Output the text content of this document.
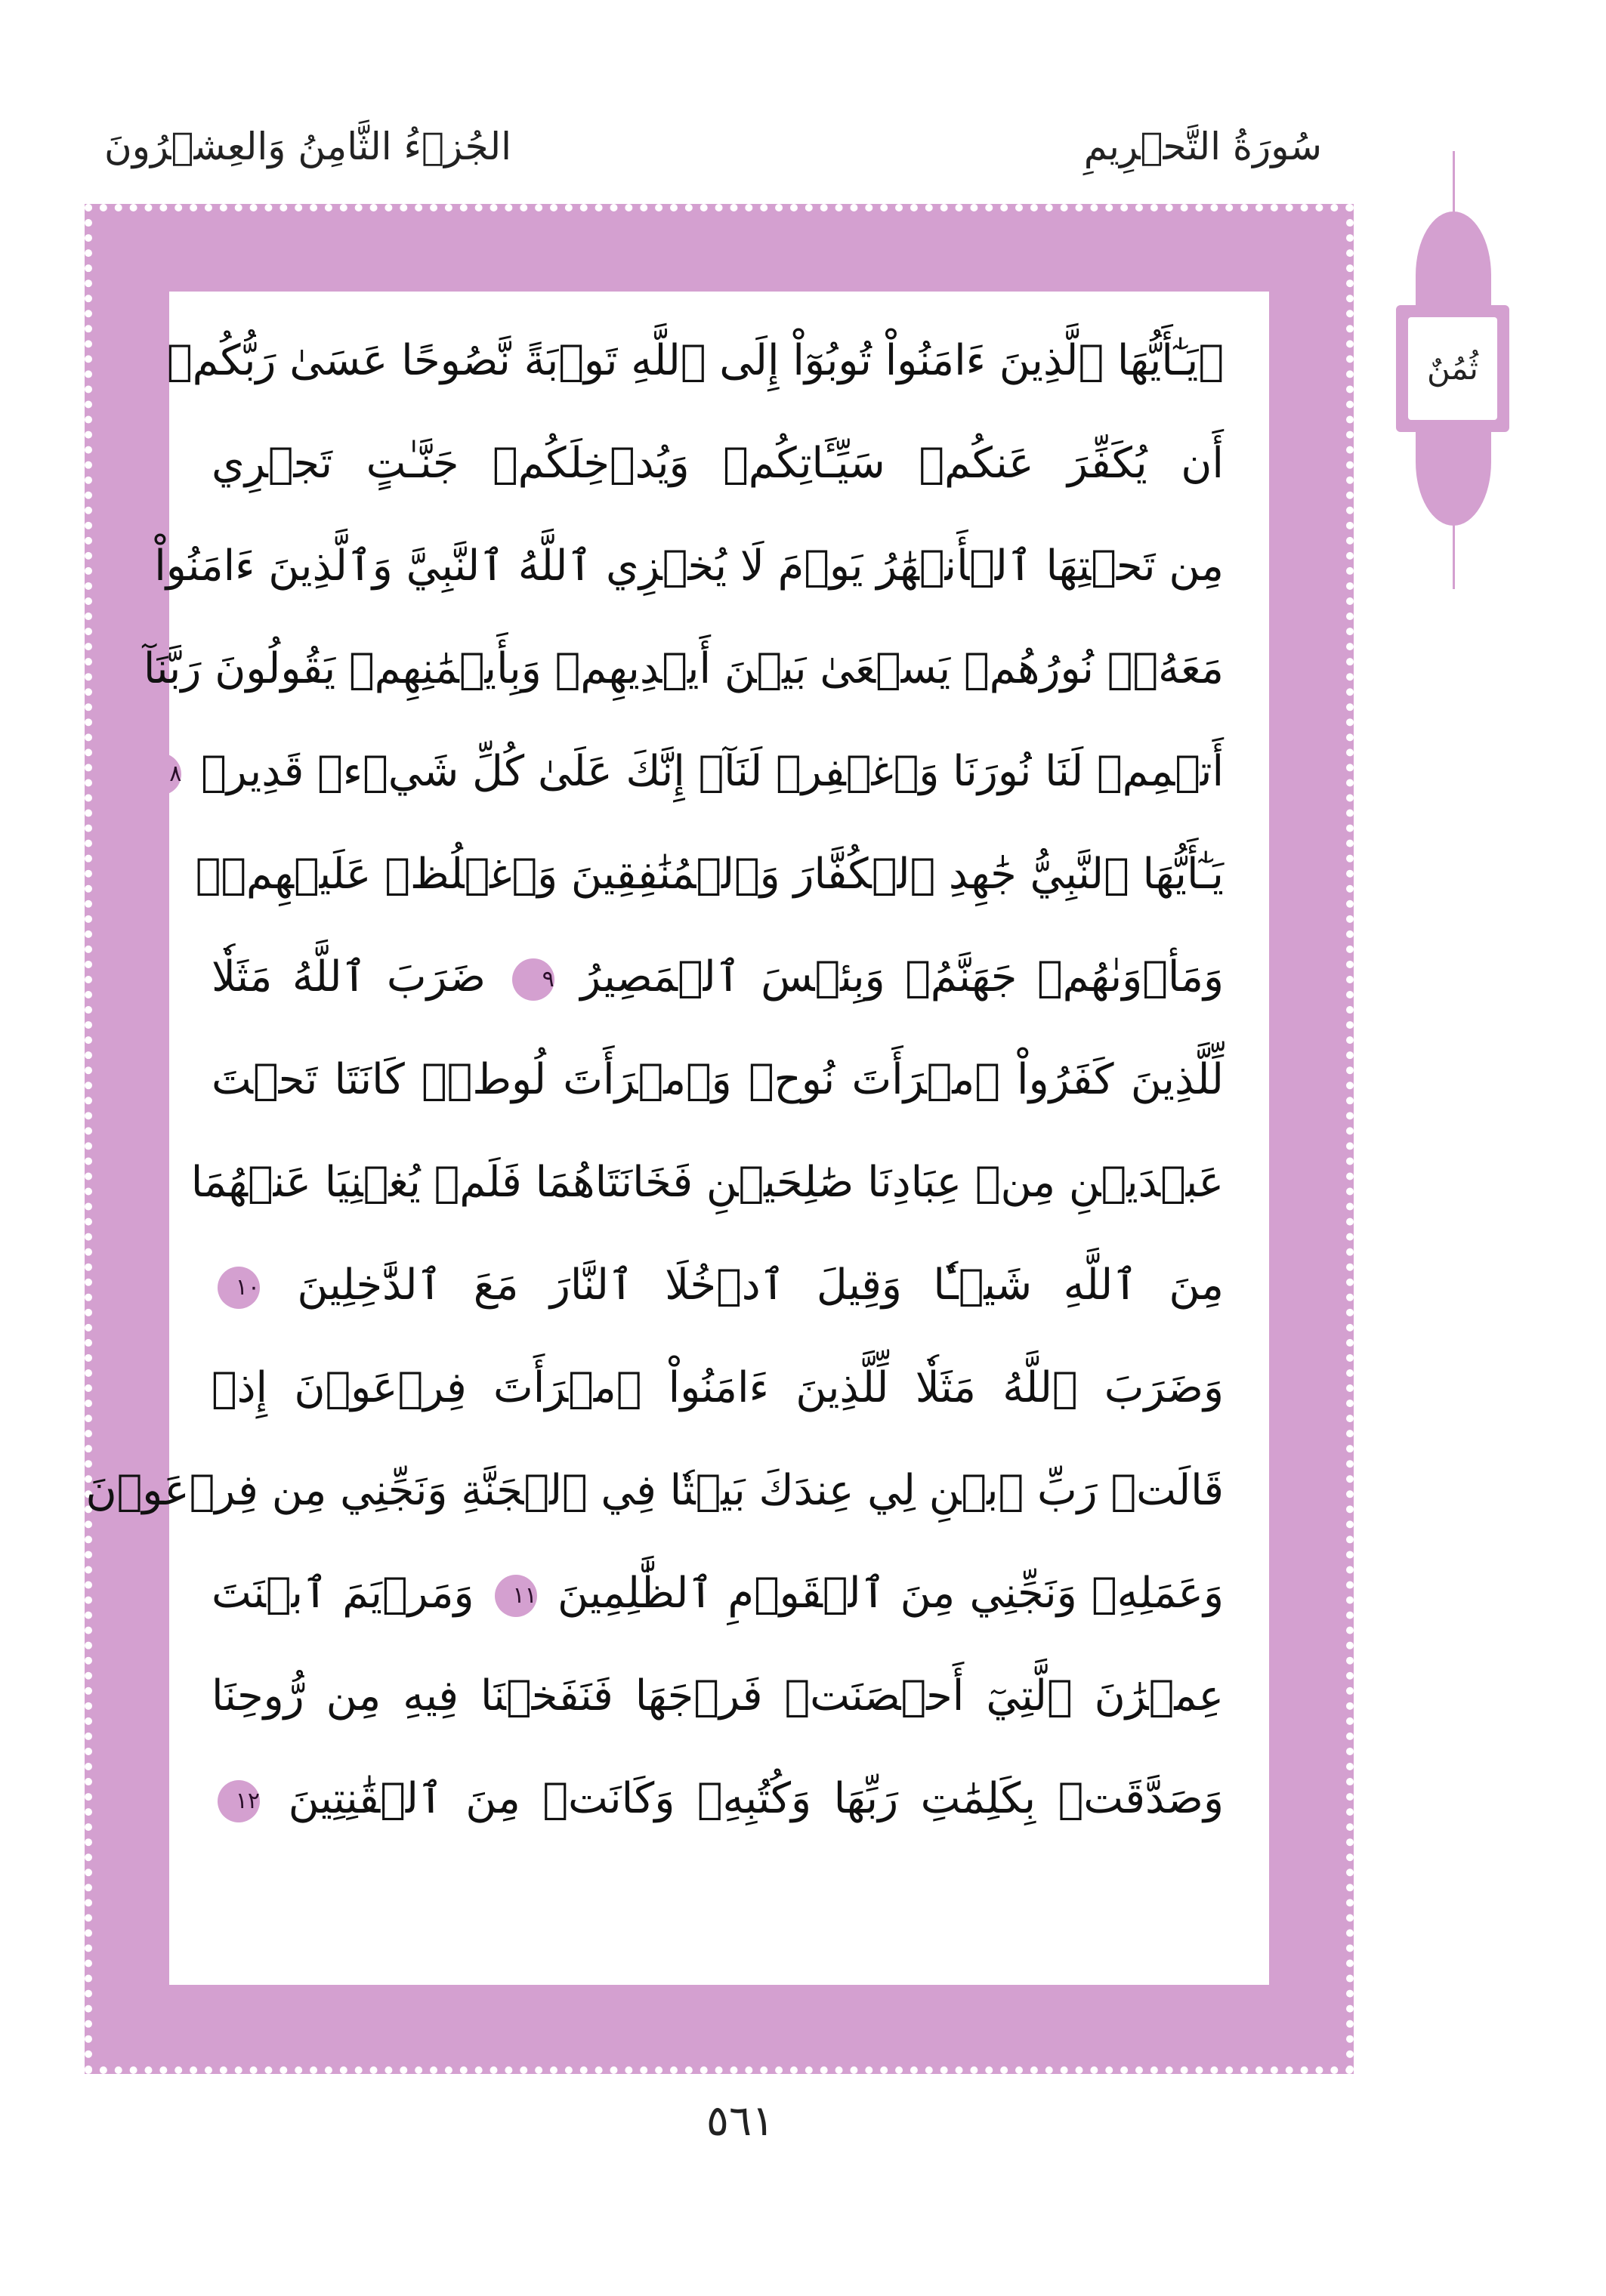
سُورَةُ التَّحۡرِيمِ
الجُزۡءُ الثَّامِنُ وَالعِشۡرُونَ
۞يَـٰٓأَيُّهَا ٱلَّذِينَ ءَامَنُواْ تُوبُوٓاْ إِلَى ٱللَّهِ تَوۡبَةً نَّصُوحًا عَسَىٰ رَبُّكُمۡ
أَن يُكَفِّرَ عَنكُمۡ سَيِّـَٔاتِكُمۡ وَيُدۡخِلَكُمۡ جَنَّـٰتٍ تَجۡرِي
مِن تَحۡتِهَا ٱلۡأَنۡهَٰرُ يَوۡمَ لَا يُخۡزِي ٱللَّهُ ٱلنَّبِيَّ وَٱلَّذِينَ ءَامَنُواْ
مَعَهُۥۖ نُورُهُمۡ يَسۡعَىٰ بَيۡنَ أَيۡدِيهِمۡ وَبِأَيۡمَٰنِهِمۡ يَقُولُونَ رَبَّنَآ
أَتۡمِمۡ لَنَا نُورَنَا وَٱغۡفِرۡ لَنَآۖ إِنَّكَ عَلَىٰ كُلِّ شَيۡءٖ قَدِيرٞ ٨
يَـٰٓأَيُّهَا ٱلنَّبِيُّ جَٰهِدِ ٱلۡكُفَّارَ وَٱلۡمُنَٰفِقِينَ وَٱغۡلُظۡ عَلَيۡهِمۡۚ
وَمَأۡوَىٰهُمۡ جَهَنَّمُۖ وَبِئۡسَ ٱلۡمَصِيرُ ٩ ضَرَبَ ٱللَّهُ مَثَلٗا
لِّلَّذِينَ كَفَرُواْ ٱمۡرَأَتَ نُوحٖ وَٱمۡرَأَتَ لُوطٖۖ كَانَتَا تَحۡتَ
عَبۡدَيۡنِ مِنۡ عِبَادِنَا صَٰلِحَيۡنِ فَخَانَتَاهُمَا فَلَمۡ يُغۡنِيَا عَنۡهُمَا
مِنَ ٱللَّهِ شَيۡـٔٗا وَقِيلَ ٱدۡخُلَا ٱلنَّارَ مَعَ ٱلدَّٰخِلِينَ ١٠
وَضَرَبَ ٱللَّهُ مَثَلٗا لِّلَّذِينَ ءَامَنُواْ ٱمۡرَأَتَ فِرۡعَوۡنَ إِذۡ
قَالَتۡ رَبِّ ٱبۡنِ لِي عِندَكَ بَيۡتٗا فِي ٱلۡجَنَّةِ وَنَجِّنِي مِن فِرۡعَوۡنَ
وَعَمَلِهِۦ وَنَجِّنِي مِنَ ٱلۡقَوۡمِ ٱلظَّٰلِمِينَ ١١ وَمَرۡيَمَ ٱبۡنَتَ
عِمۡرَٰنَ ٱلَّتِيٓ أَحۡصَنَتۡ فَرۡجَهَا فَنَفَخۡنَا فِيهِ مِن رُّوحِنَا
وَصَدَّقَتۡ بِكَلِمَٰتِ رَبِّهَا وَكُتُبِهِۦ وَكَانَتۡ مِنَ ٱلۡقَٰنِتِينَ ١٢
ثُمُنٌ
٥٦١
